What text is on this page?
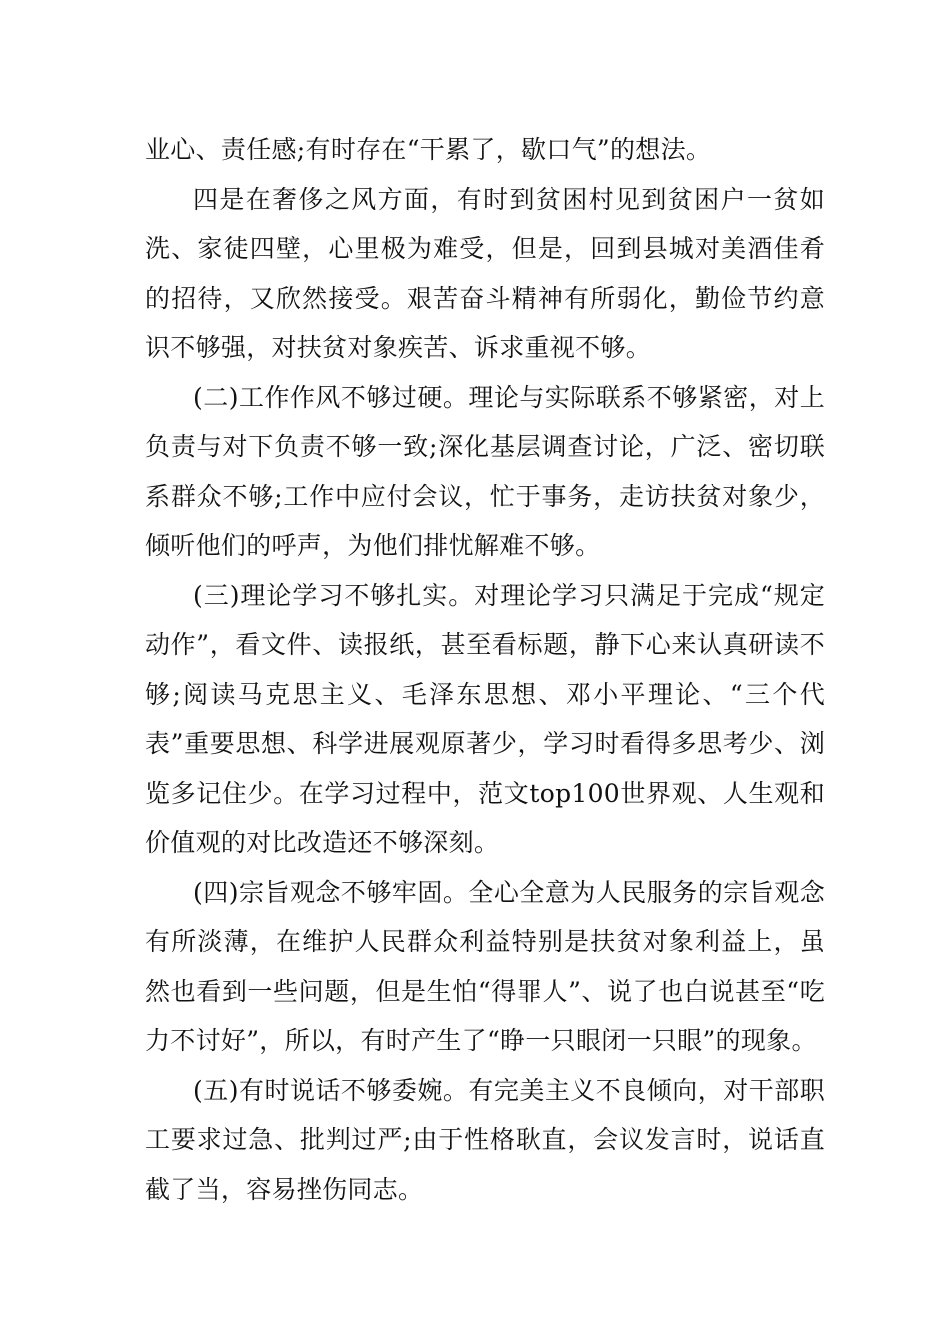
业心、责任感;有时存在“干累了，歇口气”的想法。

四是在奢侈之风方面，有时到贫困村见到贫困户一贫如洗、家徒四壁，心里极为难受，但是，回到县城对美酒佳肴的招待，又欣然接受。艰苦奋斗精神有所弱化，勤俭节约意识不够强，对扶贫对象疾苦、诉求重视不够。

(二)工作作风不够过硬。理论与实际联系不够紧密，对上负责与对下负责不够一致;深化基层调查讨论，广泛、密切联系群众不够;工作中应付会议，忙于事务，走访扶贫对象少，倾听他们的呼声，为他们排忧解难不够。

(三)理论学习不够扎实。对理论学习只满足于完成“规定动作”，看文件、读报纸，甚至看标题，静下心来认真研读不够;阅读马克思主义、毛泽东思想、邓小平理论、“三个代表”重要思想、科学进展观原著少，学习时看得多思考少、浏览多记住少。在学习过程中，范文top100世界观、人生观和价值观的对比改造还不够深刻。

(四)宗旨观念不够牢固。全心全意为人民服务的宗旨观念有所淡薄，在维护人民群众利益特别是扶贫对象利益上，虽然也看到一些问题，但是生怕“得罪人”、说了也白说甚至“吃力不讨好”，所以，有时产生了“睁一只眼闭一只眼”的现象。

(五)有时说话不够委婉。有完美主义不良倾向，对干部职工要求过急、批判过严;由于性格耿直，会议发言时，说话直截了当，容易挫伤同志。
